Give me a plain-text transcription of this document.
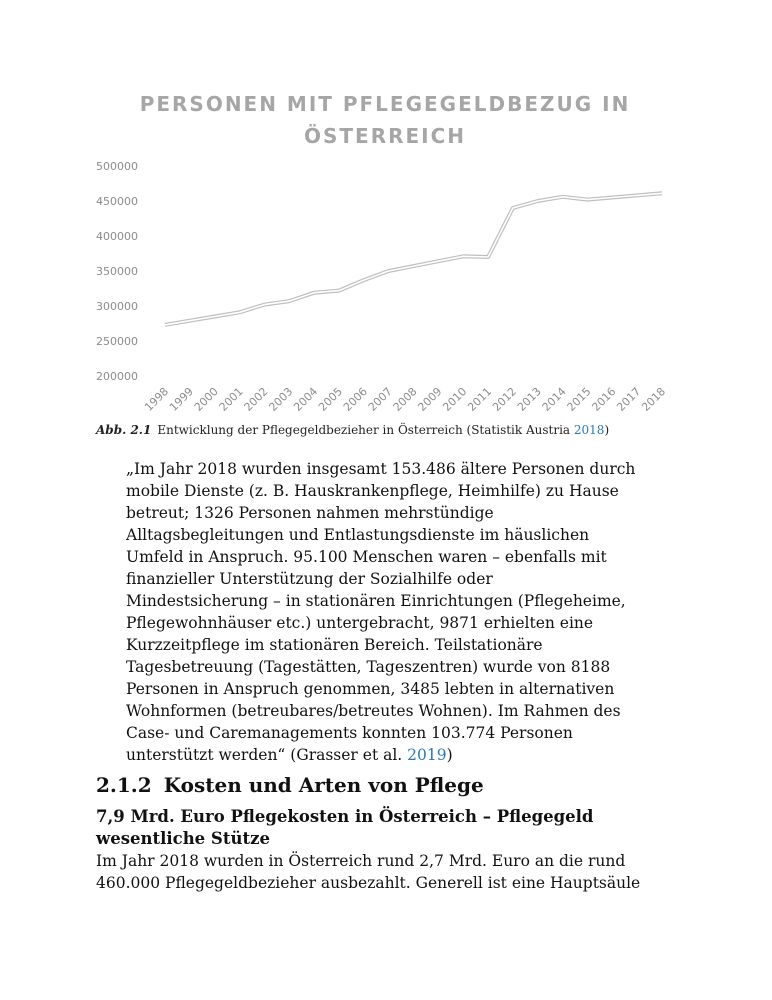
PERSONEN MIT PFLEGEGELDBEZUG IN
ÖSTERREICH
500000
450000
400000
350000
300000
250000
200000
1998
1999
2000
2001
2002
2003
2004
2005
2006
2007
2008
2009
2010
2011
2012
2013
2014
2015
2016
2017
2018
Abb. 2.1 Entwicklung der Pflegegeldbezieher in Österreich (Statistik Austria 2018)

„Im Jahr 2018 wurden insgesamt 153.486 ältere Personen durch
mobile Dienste (z. B. Hauskrankenpflege, Heimhilfe) zu Hause
betreut; 1326 Personen nahmen mehrstündige
Alltagsbegleitungen und Entlastungsdienste im häuslichen
Umfeld in Anspruch. 95.100 Menschen waren – ebenfalls mit
finanzieller Unterstützung der Sozialhilfe oder
Mindestsicherung – in stationären Einrichtungen (Pflegeheime,
Pflegewohnhäuser etc.) untergebracht, 9871 erhielten eine
Kurzzeitpflege im stationären Bereich. Teilstationäre
Tagesbetreuung (Tagestätten, Tageszentren) wurde von 8188
Personen in Anspruch genommen, 3485 lebten in alternativen
Wohnformen (betreubares/betreutes Wohnen). Im Rahmen des
Case- und Caremanagements konnten 103.774 Personen
unterstützt werden“ (Grasser et al. 2019)

2.1.2 Kosten und Arten von Pflege
7,9 Mrd. Euro Pflegekosten in Österreich – Pflegegeld
wesentliche Stütze

Im Jahr 2018 wurden in Österreich rund 2,7 Mrd. Euro an die rund
460.000 Pflegegeldbezieher ausbezahlt. Generell ist eine Hauptsäule
